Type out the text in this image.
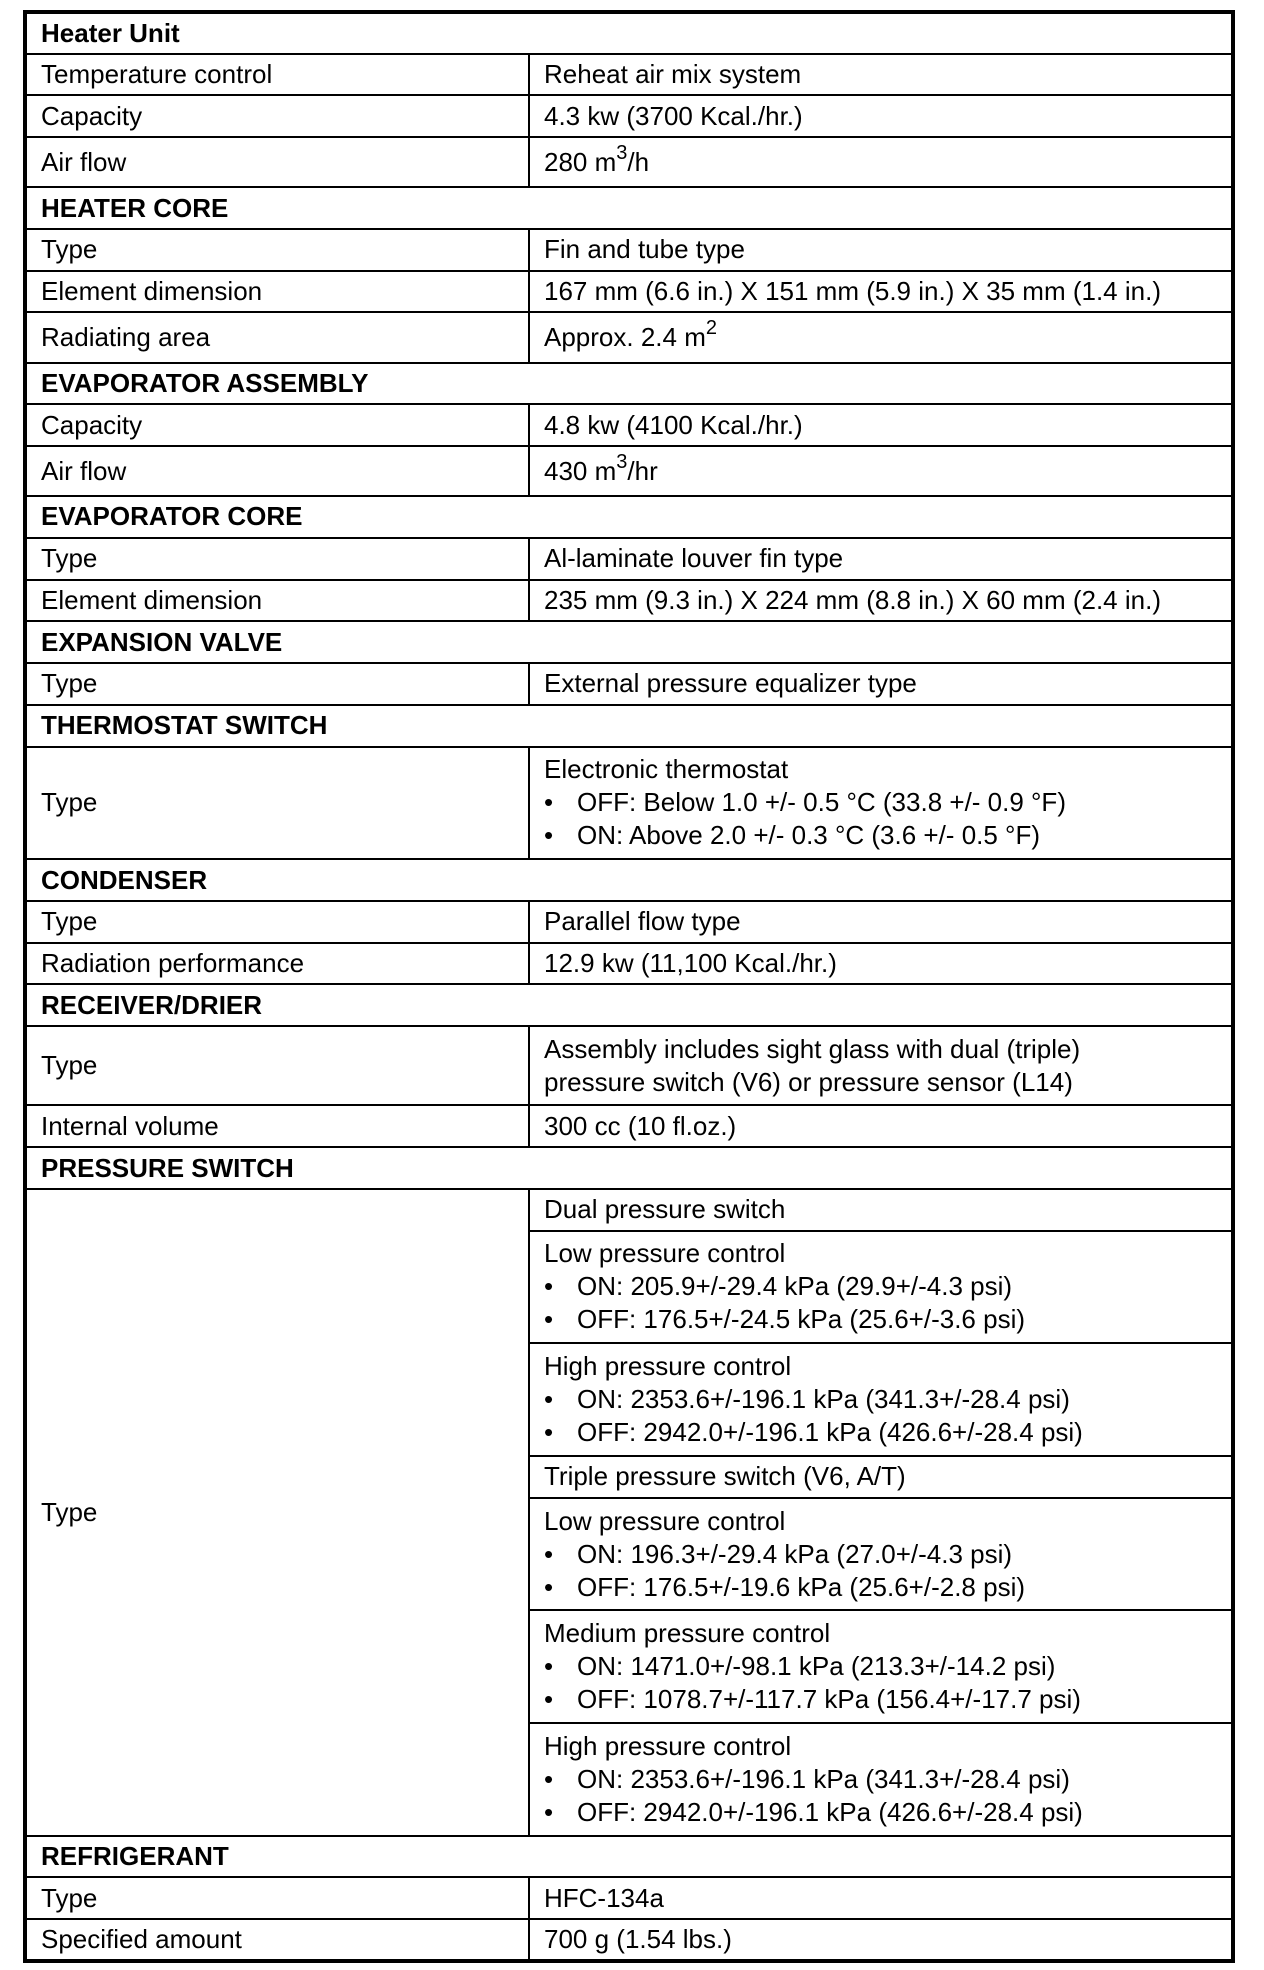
Heater Unit	
Temperature control	Reheat air mix system
Capacity	4.3 kw (3700 Kcal./hr.)
Air flow	280 $m^3/h$
HEATER CORE	
Type	Fin and tube type
Element dimension	167 mm (6.6 in.) X 151 mm (5.9 in.) X 35 mm (1.4 in.)
Radiating area	Approx. 2.4 $m^2$
EVAPORATOR ASSEMBLY	
Capacity	4.8 kw (4100 Kcal./hr.)
Air flow	430 $m^3/hr$
EVAPORATOR CORE	
Type	Al-laminate louver fin type
Element dimension	235 mm (9.3 in.) X 224 mm (8.8 in.) X 60 mm (2.4 in.)
EXPANSION VALVE	
Type	External pressure equalizer type
THERMOSTAT SWITCH	
Type	Electronic thermostat
• OFF: Below 1.0 +/- 0.5 °C (33.8 +/- 0.9 °F)
• ON: Above 2.0 +/- 0.3 °C (3.6 +/- 0.5 °F)

CONDENSER	
Type	Parallel flow type
Radiation performance	12.9 kw (11,100 Kcal./hr.)
RECEIVER/DRIER	
Type	Assembly includes sight glass with dual (triple)
pressure switch (V6) or pressure sensor (L14)

Internal volume	300 cc (10 fl.oz.)
PRESSURE SWITCH	
Type	Dual pressure switch

	Low pressure control
• ON: 205.9+/-29.4 kPa (29.9+/-4.3 psi)
• OFF: 176.5+/-24.5 kPa (25.6+/-3.6 psi)

	High pressure control
• ON: 2353.6+/-196.1 kPa (341.3+/-28.4 psi)
• OFF: 2942.0+/-196.1 kPa (426.6+/-28.4 psi)

	Triple pressure switch (V6, A/T)

	Low pressure control
• ON: 196.3+/-29.4 kPa (27.0+/-4.3 psi)
• OFF: 176.5+/-19.6 kPa (25.6+/-2.8 psi)

	Medium pressure control
• ON: 1471.0+/-98.1 kPa (213.3+/-14.2 psi)
• OFF: 1078.7+/-117.7 kPa (156.4+/-17.7 psi)

	High pressure control
• ON: 2353.6+/-196.1 kPa (341.3+/-28.4 psi)
• OFF: 2942.0+/-196.1 kPa (426.6+/-28.4 psi)

REFRIGERANT	
Type	HFC-134a
Specified amount	700 g (1.54 lbs.)
